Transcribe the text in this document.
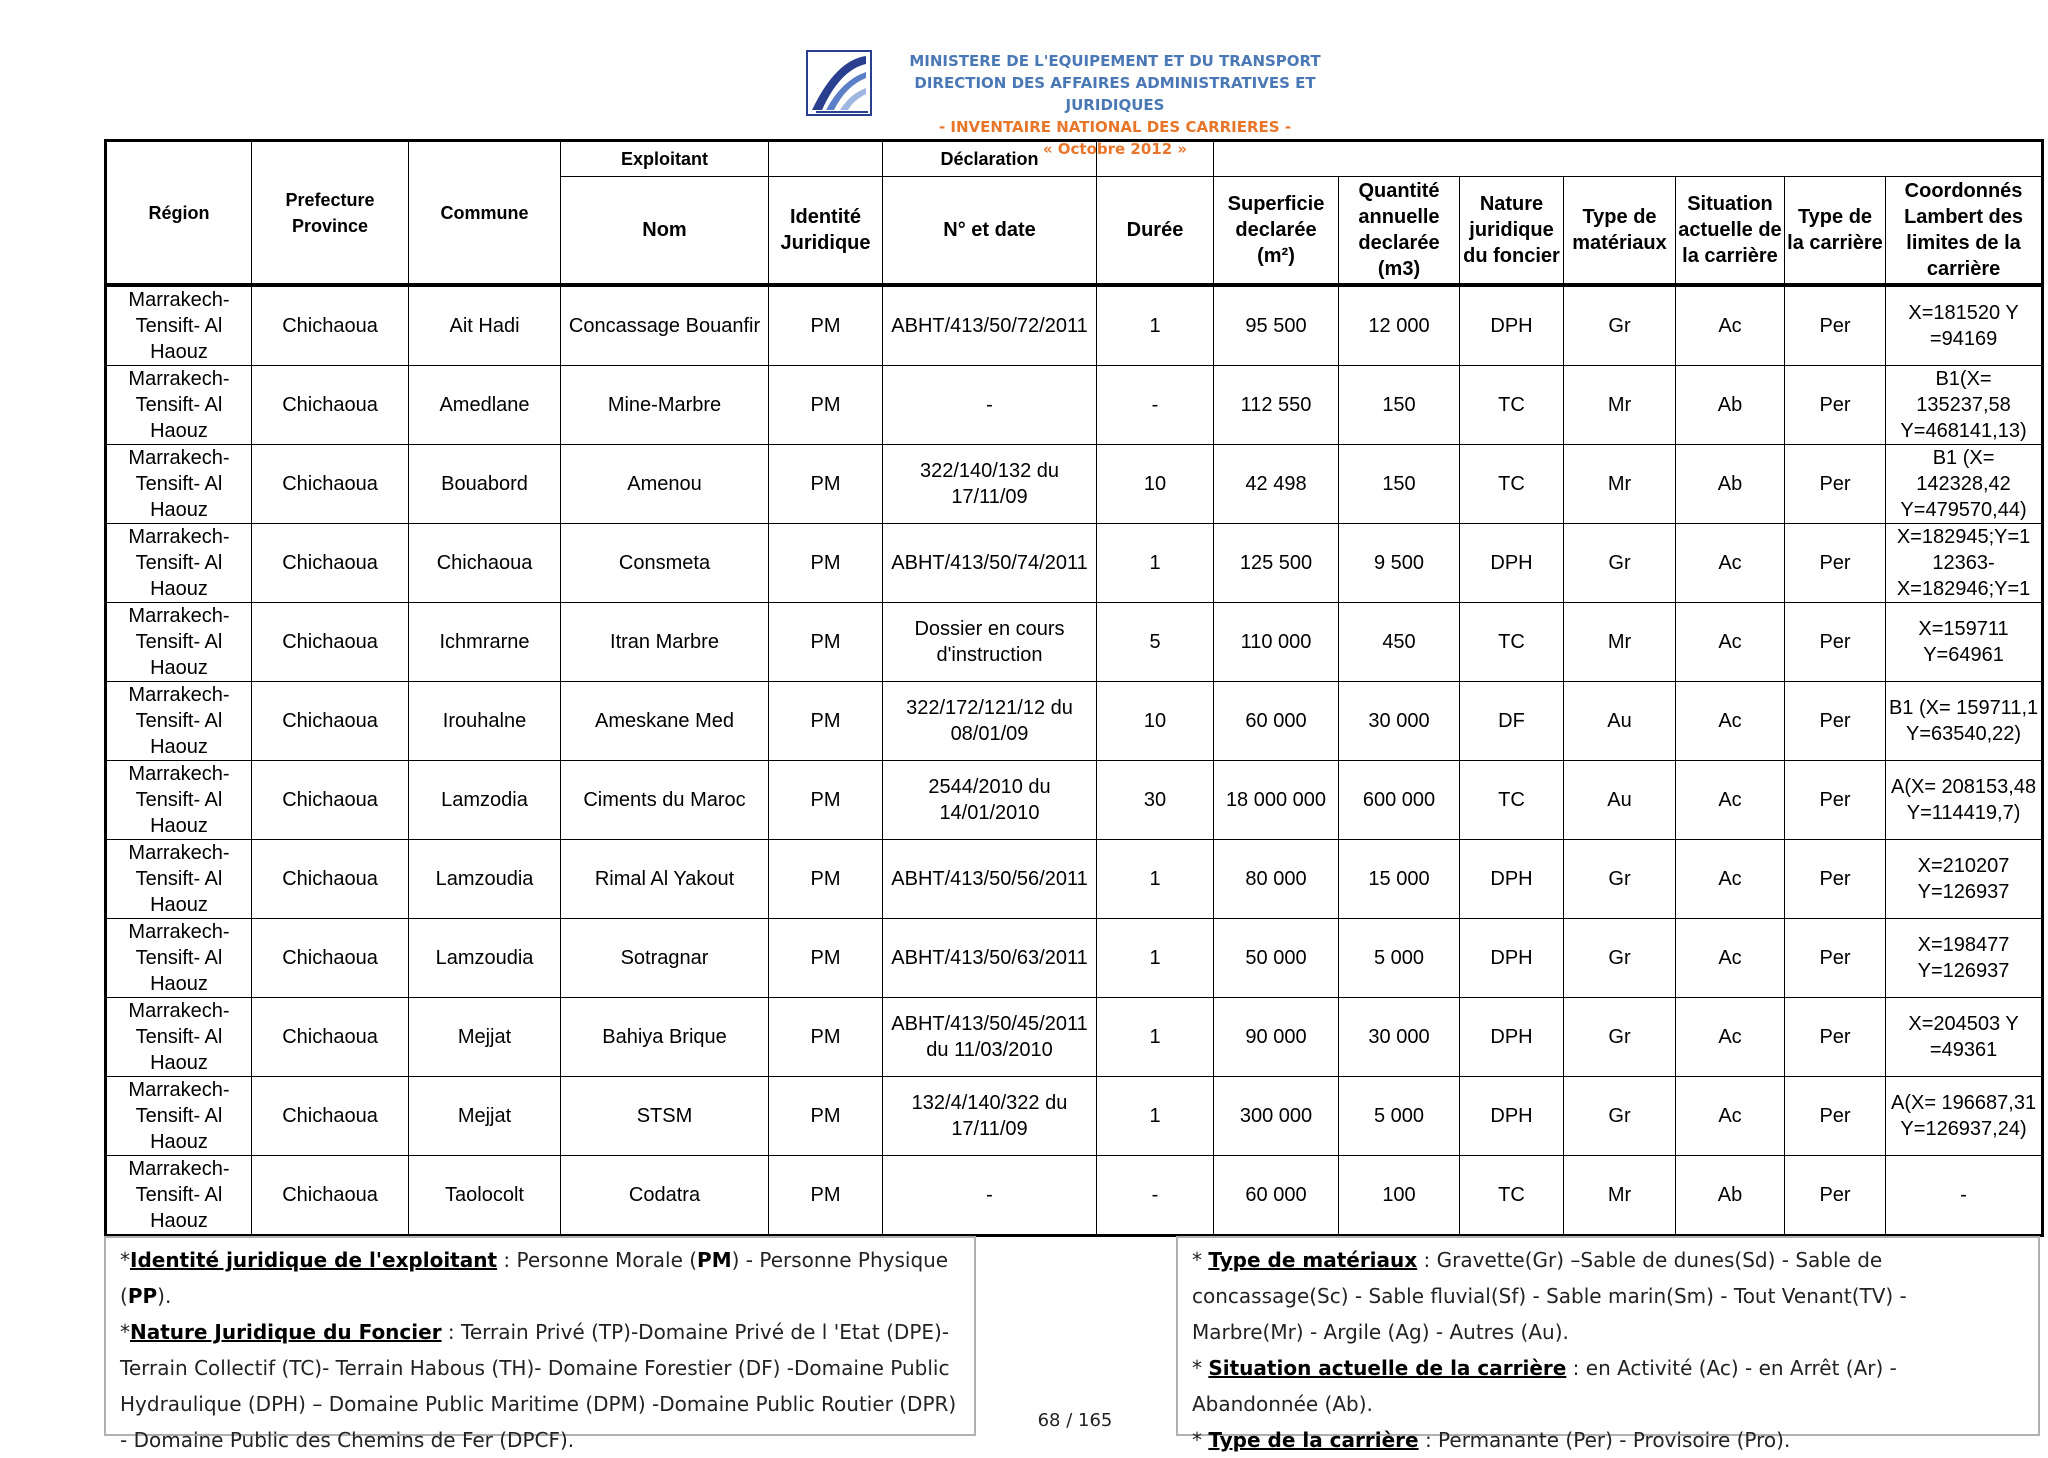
MINISTERE DE L'EQUIPEMENT ET DU TRANSPORT
DIRECTION DES AFFAIRES ADMINISTRATIVES ET JURIDIQUES
- INVENTAIRE NATIONAL DES CARRIERES -
« Octobre 2012 »
Région	Prefecture Province	Commune	Exploitant		Déclaration								
			Nom	Identité Juridique	N° et date	Durée	Superficie declarée (m²)	Quantité annuelle declarée (m3)	Nature juridique du foncier	Type de matériaux	Situation actuelle de la carrière	Type de la carrière	Coordonnés Lambert des limites de la carrière
Marrakech-Tensift- Al Haouz	Chichaoua	Ait Hadi	Concassage Bouanfir	PM	ABHT/413/50/72/2011	1	95 500	12 000	DPH	Gr	Ac	Per	X=181520 Y =94169
Marrakech-Tensift- Al Haouz	Chichaoua	Amedlane	Mine-Marbre	PM	-	-	112 550	150	TC	Mr	Ab	Per	B1(X= 135237,58 Y=468141,13)
Marrakech-Tensift- Al Haouz	Chichaoua	Bouabord	Amenou	PM	322/140/132 du 17/11/09	10	42 498	150	TC	Mr	Ab	Per	B1 (X= 142328,42 Y=479570,44)
Marrakech-Tensift- Al Haouz	Chichaoua	Chichaoua	Consmeta	PM	ABHT/413/50/74/2011	1	125 500	9 500	DPH	Gr	Ac	Per	X=182945;Y=1 12363- X=182946;Y=1
Marrakech-Tensift- Al Haouz	Chichaoua	Ichmrarne	Itran Marbre	PM	Dossier en cours d'instruction	5	110 000	450	TC	Mr	Ac	Per	X=159711 Y=64961
Marrakech-Tensift- Al Haouz	Chichaoua	Irouhalne	Ameskane Med	PM	322/172/121/12 du 08/01/09	10	60 000	30 000	DF	Au	Ac	Per	B1 (X= 159711,1 Y=63540,22)
Marrakech-Tensift- Al Haouz	Chichaoua	Lamzodia	Ciments du Maroc	PM	2544/2010 du 14/01/2010	30	18 000 000	600 000	TC	Au	Ac	Per	A(X= 208153,48 Y=114419,7)
Marrakech-Tensift- Al Haouz	Chichaoua	Lamzoudia	Rimal Al Yakout	PM	ABHT/413/50/56/2011	1	80 000	15 000	DPH	Gr	Ac	Per	X=210207 Y=126937
Marrakech-Tensift- Al Haouz	Chichaoua	Lamzoudia	Sotragnar	PM	ABHT/413/50/63/2011	1	50 000	5 000	DPH	Gr	Ac	Per	X=198477 Y=126937
Marrakech-Tensift- Al Haouz	Chichaoua	Mejjat	Bahiya Brique	PM	ABHT/413/50/45/2011 du 11/03/2010	1	90 000	30 000	DPH	Gr	Ac	Per	X=204503 Y =49361
Marrakech-Tensift- Al Haouz	Chichaoua	Mejjat	STSM	PM	132/4/140/322 du 17/11/09	1	300 000	5 000	DPH	Gr	Ac	Per	A(X= 196687,31 Y=126937,24)
Marrakech-Tensift- Al Haouz	Chichaoua	Taolocolt	Codatra	PM	-	-	60 000	100	TC	Mr	Ab	Per	-
*Identité juridique de l'exploitant : Personne Morale (PM) - Personne Physique (PP).
*Nature Juridique du Foncier : Terrain Privé (TP)-Domaine Privé de l 'Etat (DPE)- Terrain Collectif (TC)- Terrain Habous (TH)- Domaine Forestier (DF) -Domaine Public Hydraulique (DPH) – Domaine Public Maritime (DPM) -Domaine Public Routier (DPR) - Domaine Public des Chemins de Fer (DPCF).
* Type de matériaux : Gravette(Gr) –Sable de dunes(Sd) - Sable de concassage(Sc) - Sable fluvial(Sf) - Sable marin(Sm) - Tout Venant(TV) - Marbre(Mr) - Argile (Ag) - Autres (Au).
* Situation actuelle de la carrière : en Activité (Ac) - en Arrêt (Ar) - Abandonnée (Ab).
* Type de la carrière : Permanante (Per) - Provisoire (Pro).
68 / 165
